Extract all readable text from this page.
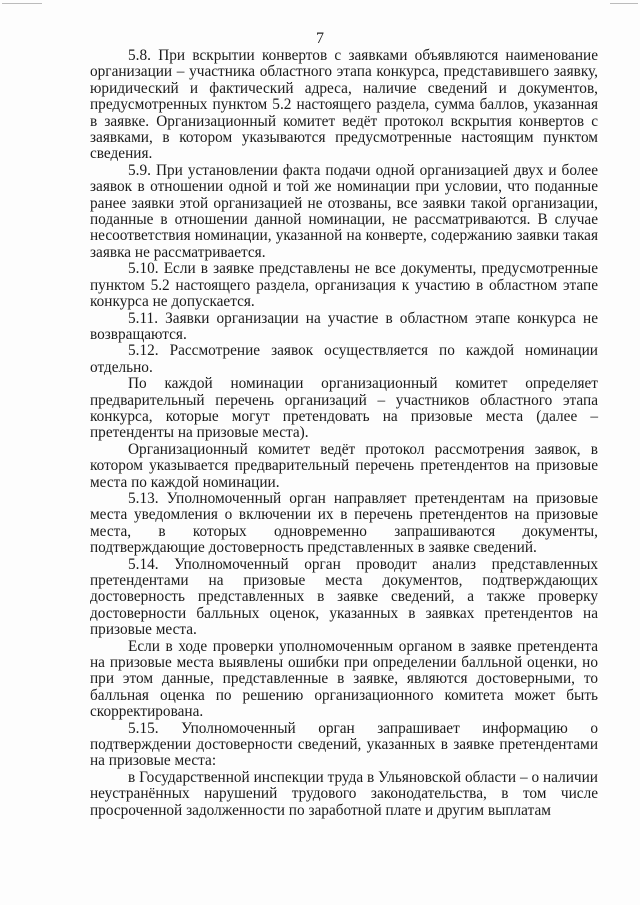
7

5.8. При вскрытии конвертов с заявками объявляются наименование организации – участника областного этапа конкурса, представившего заявку, юридический и фактический адреса, наличие сведений и документов, предусмотренных пунктом 5.2 настоящего раздела, сумма баллов, указанная в заявке. Организационный комитет ведёт протокол вскрытия конвертов с заявками, в котором указываются предусмотренные настоящим пунктом сведения.

5.9. При установлении факта подачи одной организацией двух и более заявок в отношении одной и той же номинации при условии, что поданные ранее заявки этой организацией не отозваны, все заявки такой организации, поданные в отношении данной номинации, не рассматриваются. В случае несоответствия номинации, указанной на конверте, содержанию заявки такая заявка не рассматривается.

5.10. Если в заявке представлены не все документы, предусмотренные пунктом 5.2 настоящего раздела, организация к участию в областном этапе конкурса не допускается.

5.11. Заявки организации на участие в областном этапе конкурса не возвращаются.

5.12. Рассмотрение заявок осуществляется по каждой номинации отдельно.

По каждой номинации организационный комитет определяет предварительный перечень организаций – участников областного этапа конкурса, которые могут претендовать на призовые места (далее – претенденты на призовые места).

Организационный комитет ведёт протокол рассмотрения заявок, в котором указывается предварительный перечень претендентов на призовые места по каждой номинации.

5.13. Уполномоченный орган направляет претендентам на призовые места уведомления о включении их в перечень претендентов на призовые места, в которых одновременно запрашиваются документы, подтверждающие достоверность представленных в заявке сведений.

5.14. Уполномоченный орган проводит анализ представленных претендентами на призовые места документов, подтверждающих достоверность представленных в заявке сведений, а также проверку достоверности балльных оценок, указанных в заявках претендентов на призовые места.

Если в ходе проверки уполномоченным органом в заявке претендента на призовые места выявлены ошибки при определении балльной оценки, но при этом данные, представленные в заявке, являются достоверными, то балльная оценка по решению организационного комитета может быть скорректирована.

5.15. Уполномоченный орган запрашивает информацию о подтверждении достоверности сведений, указанных в заявке претендентами на призовые места:

в Государственной инспекции труда в Ульяновской области – о наличии неустранённых нарушений трудового законодательства, в том числе просроченной задолженности по заработной плате и другим выплатам
